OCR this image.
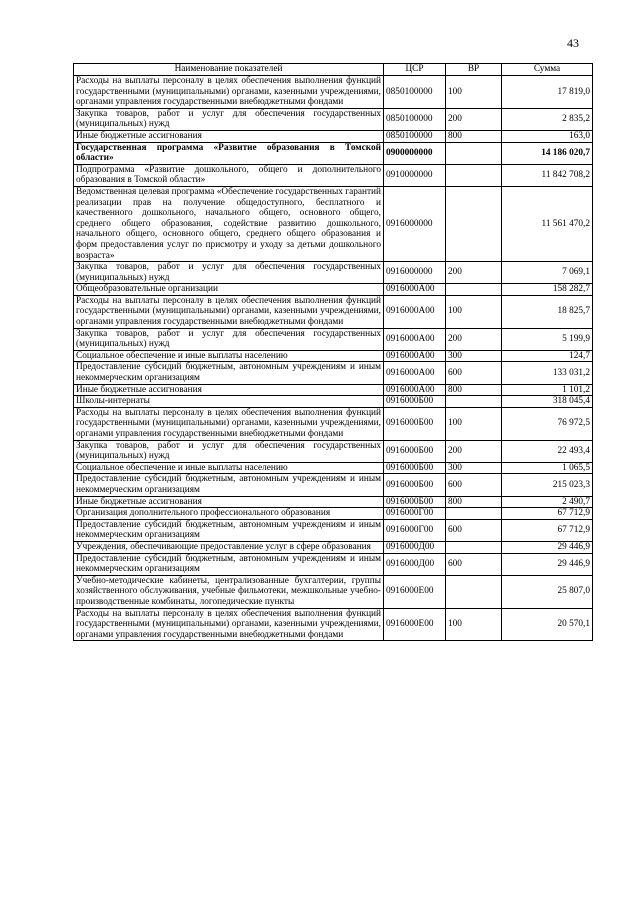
43
Наименование показателей	ЦСР	ВР	Сумма
Расходы на выплаты персоналу в целях обеспечения выполнения функций государственными (муниципальными) органами, казенными учреждениями, органами управления государственными внебюджетными фондами	0850100000	100	17 819,0
Закупка товаров, работ и услуг для обеспечения государственных (муниципальных) нужд	0850100000	200	2 835,2
Иные бюджетные ассигнования	0850100000	800	163,0
Государственная программа «Развитие образования в Томской области»	0900000000		14 186 020,7
Подпрограмма «Развитие дошкольного, общего и дополнительного образования в Томской области»	0910000000		11 842 708,2
Ведомственная целевая программа «Обеспечение государственных гарантий реализации прав на получение общедоступного, бесплатного и качественного дошкольного, начального общего, основного общего, среднего общего образования, содействие развитию дошкольного, начального общего, основного общего, среднего общего образования и форм предоставления услуг по присмотру и уходу за детьми дошкольного возраста»	0916000000		11 561 470,2
Закупка товаров, работ и услуг для обеспечения государственных (муниципальных) нужд	0916000000	200	7 069,1
Общеобразовательные организации	0916000А00		158 282,7
Расходы на выплаты персоналу в целях обеспечения выполнения функций государственными (муниципальными) органами, казенными учреждениями, органами управления государственными внебюджетными фондами	0916000А00	100	18 825,7
Закупка товаров, работ и услуг для обеспечения государственных (муниципальных) нужд	0916000А00	200	5 199,9
Социальное обеспечение и иные выплаты населению	0916000А00	300	124,7
Предоставление субсидий бюджетным, автономным учреждениям и иным некоммерческим организациям	0916000А00	600	133 031,2
Иные бюджетные ассигнования	0916000А00	800	1 101,2
Школы-интернаты	0916000Б00		318 045,4
Расходы на выплаты персоналу в целях обеспечения выполнения функций государственными (муниципальными) органами, казенными учреждениями, органами управления государственными внебюджетными фондами	0916000Б00	100	76 972,5
Закупка товаров, работ и услуг для обеспечения государственных (муниципальных) нужд	0916000Б00	200	22 493,4
Социальное обеспечение и иные выплаты населению	0916000Б00	300	1 065,5
Предоставление субсидий бюджетным, автономным учреждениям и иным некоммерческим организациям	0916000Б00	600	215 023,3
Иные бюджетные ассигнования	0916000Б00	800	2 490,7
Организация дополнительного профессионального образования	0916000Г00		67 712,9
Предоставление субсидий бюджетным, автономным учреждениям и иным некоммерческим организациям	0916000Г00	600	67 712,9
Учреждения, обеспечивающие предоставление услуг в сфере образования	0916000Д00		29 446,9
Предоставление субсидий бюджетным, автономным учреждениям и иным некоммерческим организациям	0916000Д00	600	29 446,9
Учебно-методические кабинеты, централизованные бухгалтерии, группы хозяйственного обслуживания, учебные фильмотеки, межшкольные учебно-производственные комбинаты, логопедические пункты	0916000Е00		25 807,0
Расходы на выплаты персоналу в целях обеспечения выполнения функций государственными (муниципальными) органами, казенными учреждениями, органами управления государственными внебюджетными фондами	0916000Е00	100	20 570,1
